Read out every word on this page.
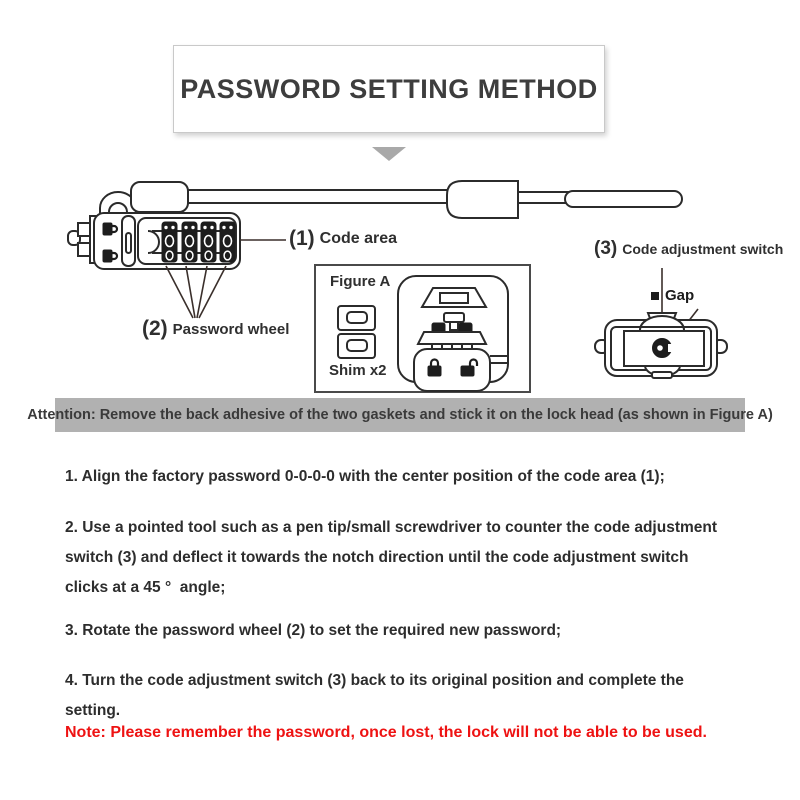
PASSWORD SETTING METHOD
(1) Code area
(2) Password wheel
(3) Code adjustment switch
Gap
Figure A
Shim x2
Attention: Remove the back adhesive of the two gaskets and stick it on the lock head (as shown in Figure A)
1. Align the factory password 0-0-0-0 with the center position of the code area (1);
2. Use a pointed tool such as a pen tip/small screwdriver to counter the code adjustment switch (3) and deflect it towards the notch direction until the code adjustment switch clicks at a 45 °  angle;
3. Rotate the password wheel (2) to set the required new password;
4. Turn the code adjustment switch (3) back to its original position and complete the setting.
Note: Please remember the password, once lost, the lock will not be able to be used.
